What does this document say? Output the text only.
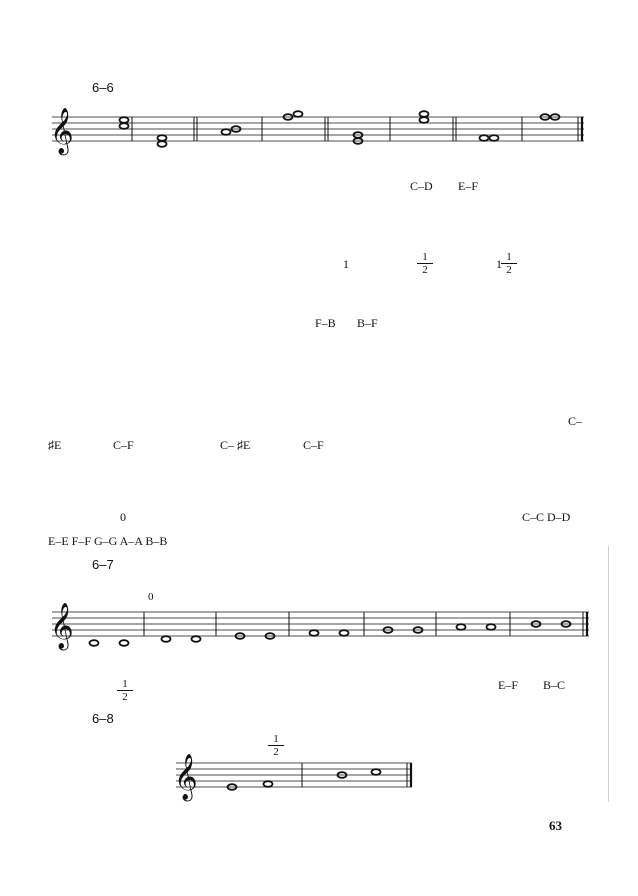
6–6
𝄞
C–D E–F
1	$\frac{1}{2}$	$1 \frac{1}{2}$
F–B B–F
C–
♯E	C–F	C– ♯E	C–F
0	C–C D–D
E–E F–F G–G A–A B–B
6–7
0
𝄞
$\frac{1}{2}$	E–F B–C
6–8
$\frac{1}{2}$
𝄞
63
